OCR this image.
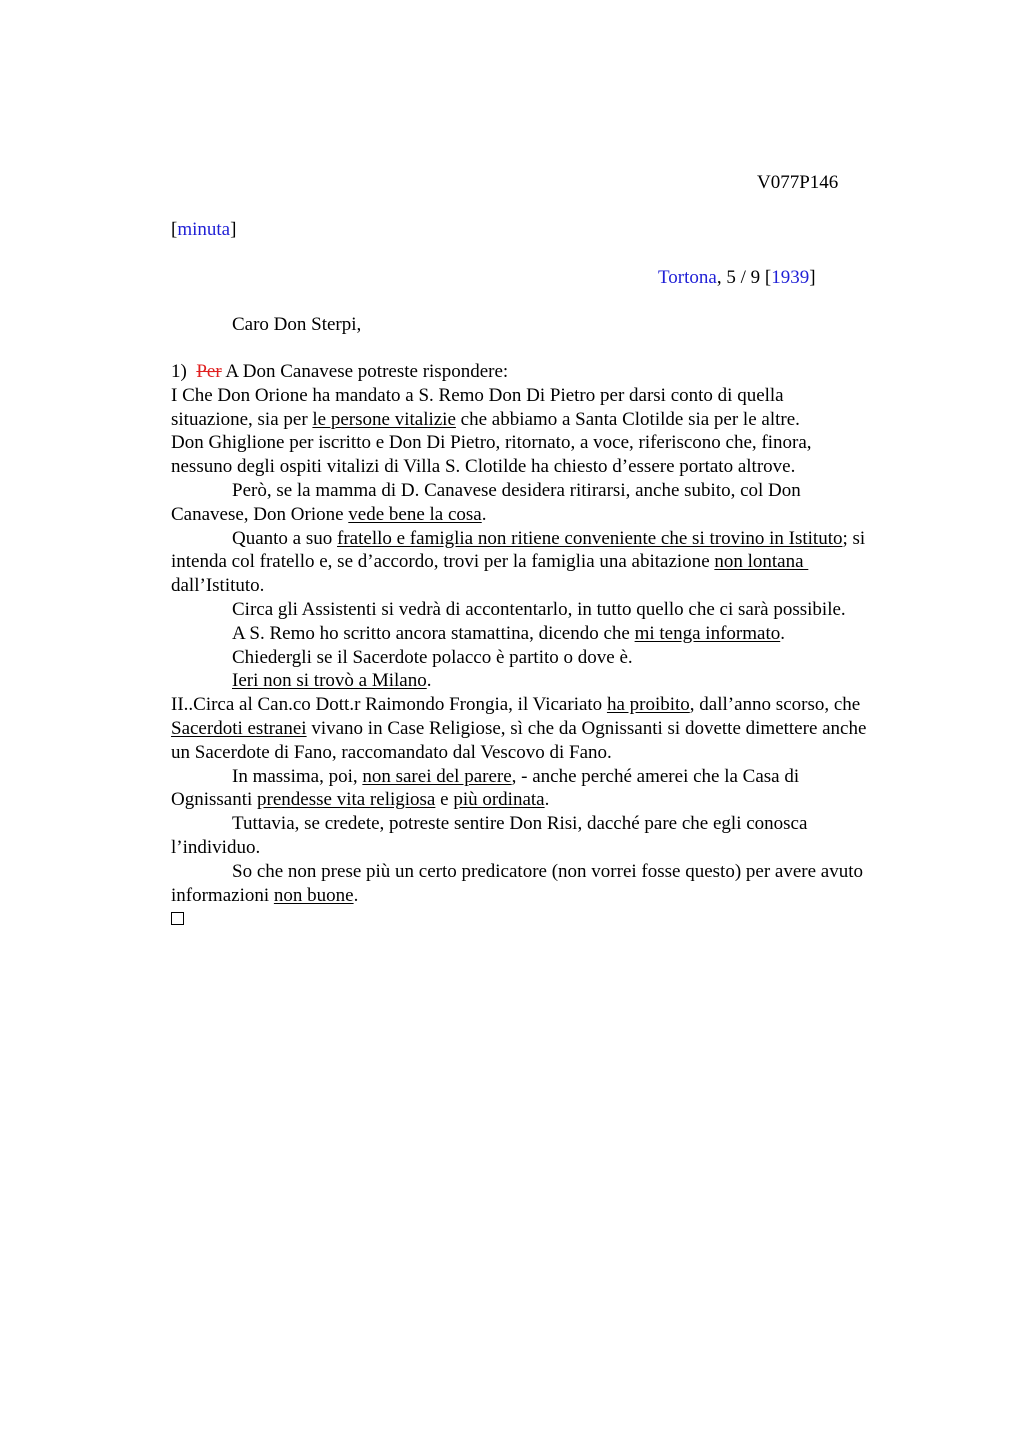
V077P146
[minuta]
Tortona, 5 / 9 [1939]
Caro Don Sterpi,
1)  Per A Don Canavese potreste rispondere:
I Che Don Orione ha mandato a S. Remo Don Di Pietro per darsi conto di quella
situazione, sia per le persone vitalizie che abbiamo a Santa Clotilde sia per le altre.
Don Ghiglione per iscritto e Don Di Pietro, ritornato, a voce, riferiscono che, finora,
nessuno degli ospiti vitalizi di Villa S. Clotilde ha chiesto d’essere portato altrove.
Però, se la mamma di D. Canavese desidera ritirarsi, anche subito, col Don
Canavese, Don Orione vede bene la cosa.
Quanto a suo fratello e famiglia non ritiene conveniente che si trovino in Istituto; si
intenda col fratello e, se d’accordo, trovi per la famiglia una abitazione non lontana
dall’Istituto.
Circa gli Assistenti si vedrà di accontentarlo, in tutto quello che ci sarà possibile.
A S. Remo ho scritto ancora stamattina, dicendo che mi tenga informato.
Chiedergli se il Sacerdote polacco è partito o dove è.
Ieri non si trovò a Milano.
II..Circa al Can.co Dott.r Raimondo Frongia, il Vicariato ha proibito, dall’anno scorso, che
Sacerdoti estranei vivano in Case Religiose, sì che da Ognissanti si dovette dimettere anche
un Sacerdote di Fano, raccomandato dal Vescovo di Fano.
In massima, poi, non sarei del parere, - anche perché amerei che la Casa di
Ognissanti prendesse vita religiosa e più ordinata.
Tuttavia, se credete, potreste sentire Don Risi, dacché pare che egli conosca
l’individuo.
So che non prese più un certo predicatore (non vorrei fosse questo) per avere avuto
informazioni non buone.
